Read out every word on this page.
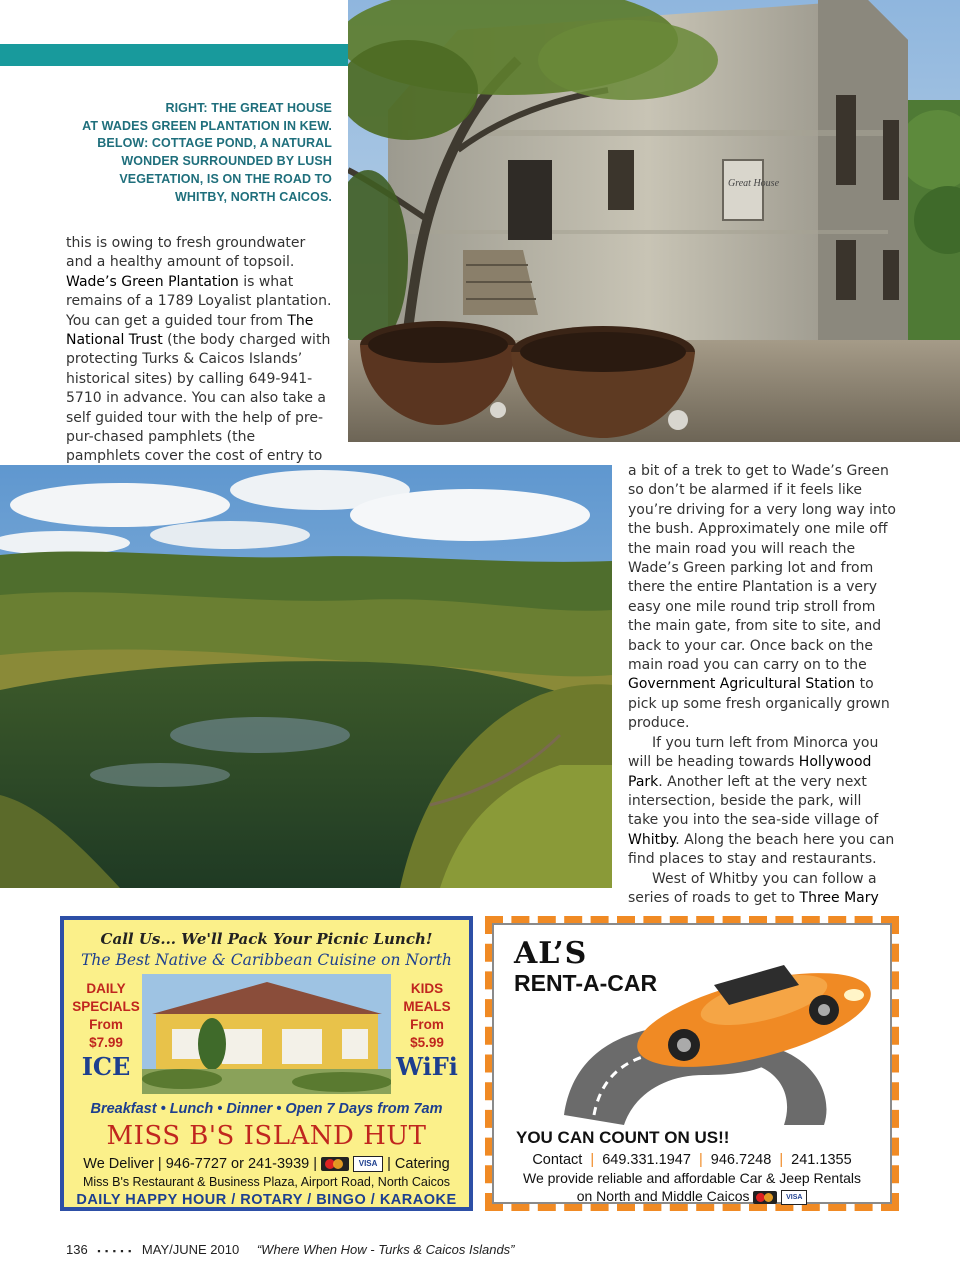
Great House
RIGHT: THE GREAT HOUSE
AT WADES GREEN PLANTATION IN KEW.
BELOW: COTTAGE POND, A NATURAL
WONDER SURROUNDED BY LUSH
VEGETATION, IS ON THE ROAD TO
WHITBY, NORTH CAICOS.

this is owing to fresh groundwater and a healthy amount of topsoil. Wade’s Green Plantation is what remains of a 1789 Loyalist plantation. You can get a guided tour from The National Trust (the body charged with protecting Turks & Caicos Islands’ historical sites) by calling 649-941-5710 in advance. You can also take a self guided tour with the help of pre-pur-chased pamphlets (the pamphlets cover the cost of entry to

a bit of a trek to get to Wade’s Green so don’t be alarmed if it feels like you’re driving for a very long way into the bush. Approximately one mile off the main road you will reach the Wade’s Green parking lot and from there the entire Plantation is a very easy one mile round trip stroll from the main gate, from site to site, and back to your car. Once back on the main road you can carry on to the Government Agricultural Station to pick up some fresh organically grown produce.

If you turn left from Minorca you will be heading towards Hollywood Park. Another left at the very next intersection, beside the park, will take you into the sea-side village of Whitby. Along the beach here you can find places to stay and restaurants.

West of Whitby you can follow a series of roads to get to Three Mary

Call Us... We'll Pack Your Picnic Lunch!
The Best Native & Caribbean Cuisine on North
DAILY
SPECIALS
From
$7.99
ICE
KIDS
MEALS
From
$5.99
WiFi
Breakfast • Lunch • Dinner • Open 7 Days from 7am
MISS B'S ISLAND HUT
We Deliver | 946-7727 or 241-3939 |	VISA | Catering
Miss B's Restaurant & Business Plaza, Airport Road, North Caicos
DAILY HAPPY HOUR / ROTARY / BINGO / KARAOKE
AL’S
RENT-A-CAR
YOU CAN COUNT ON US!!
Contact  |  649.331.1947  |  946.7248  |  241.1355
We provide reliable and affordable Car & Jeep Rentals
on North and Middle Caicos	VISA
136 ▪ ▪ ▪ ▪ ▪ MAY/JUNE 2010 “Where When How - Turks & Caicos Islands”
